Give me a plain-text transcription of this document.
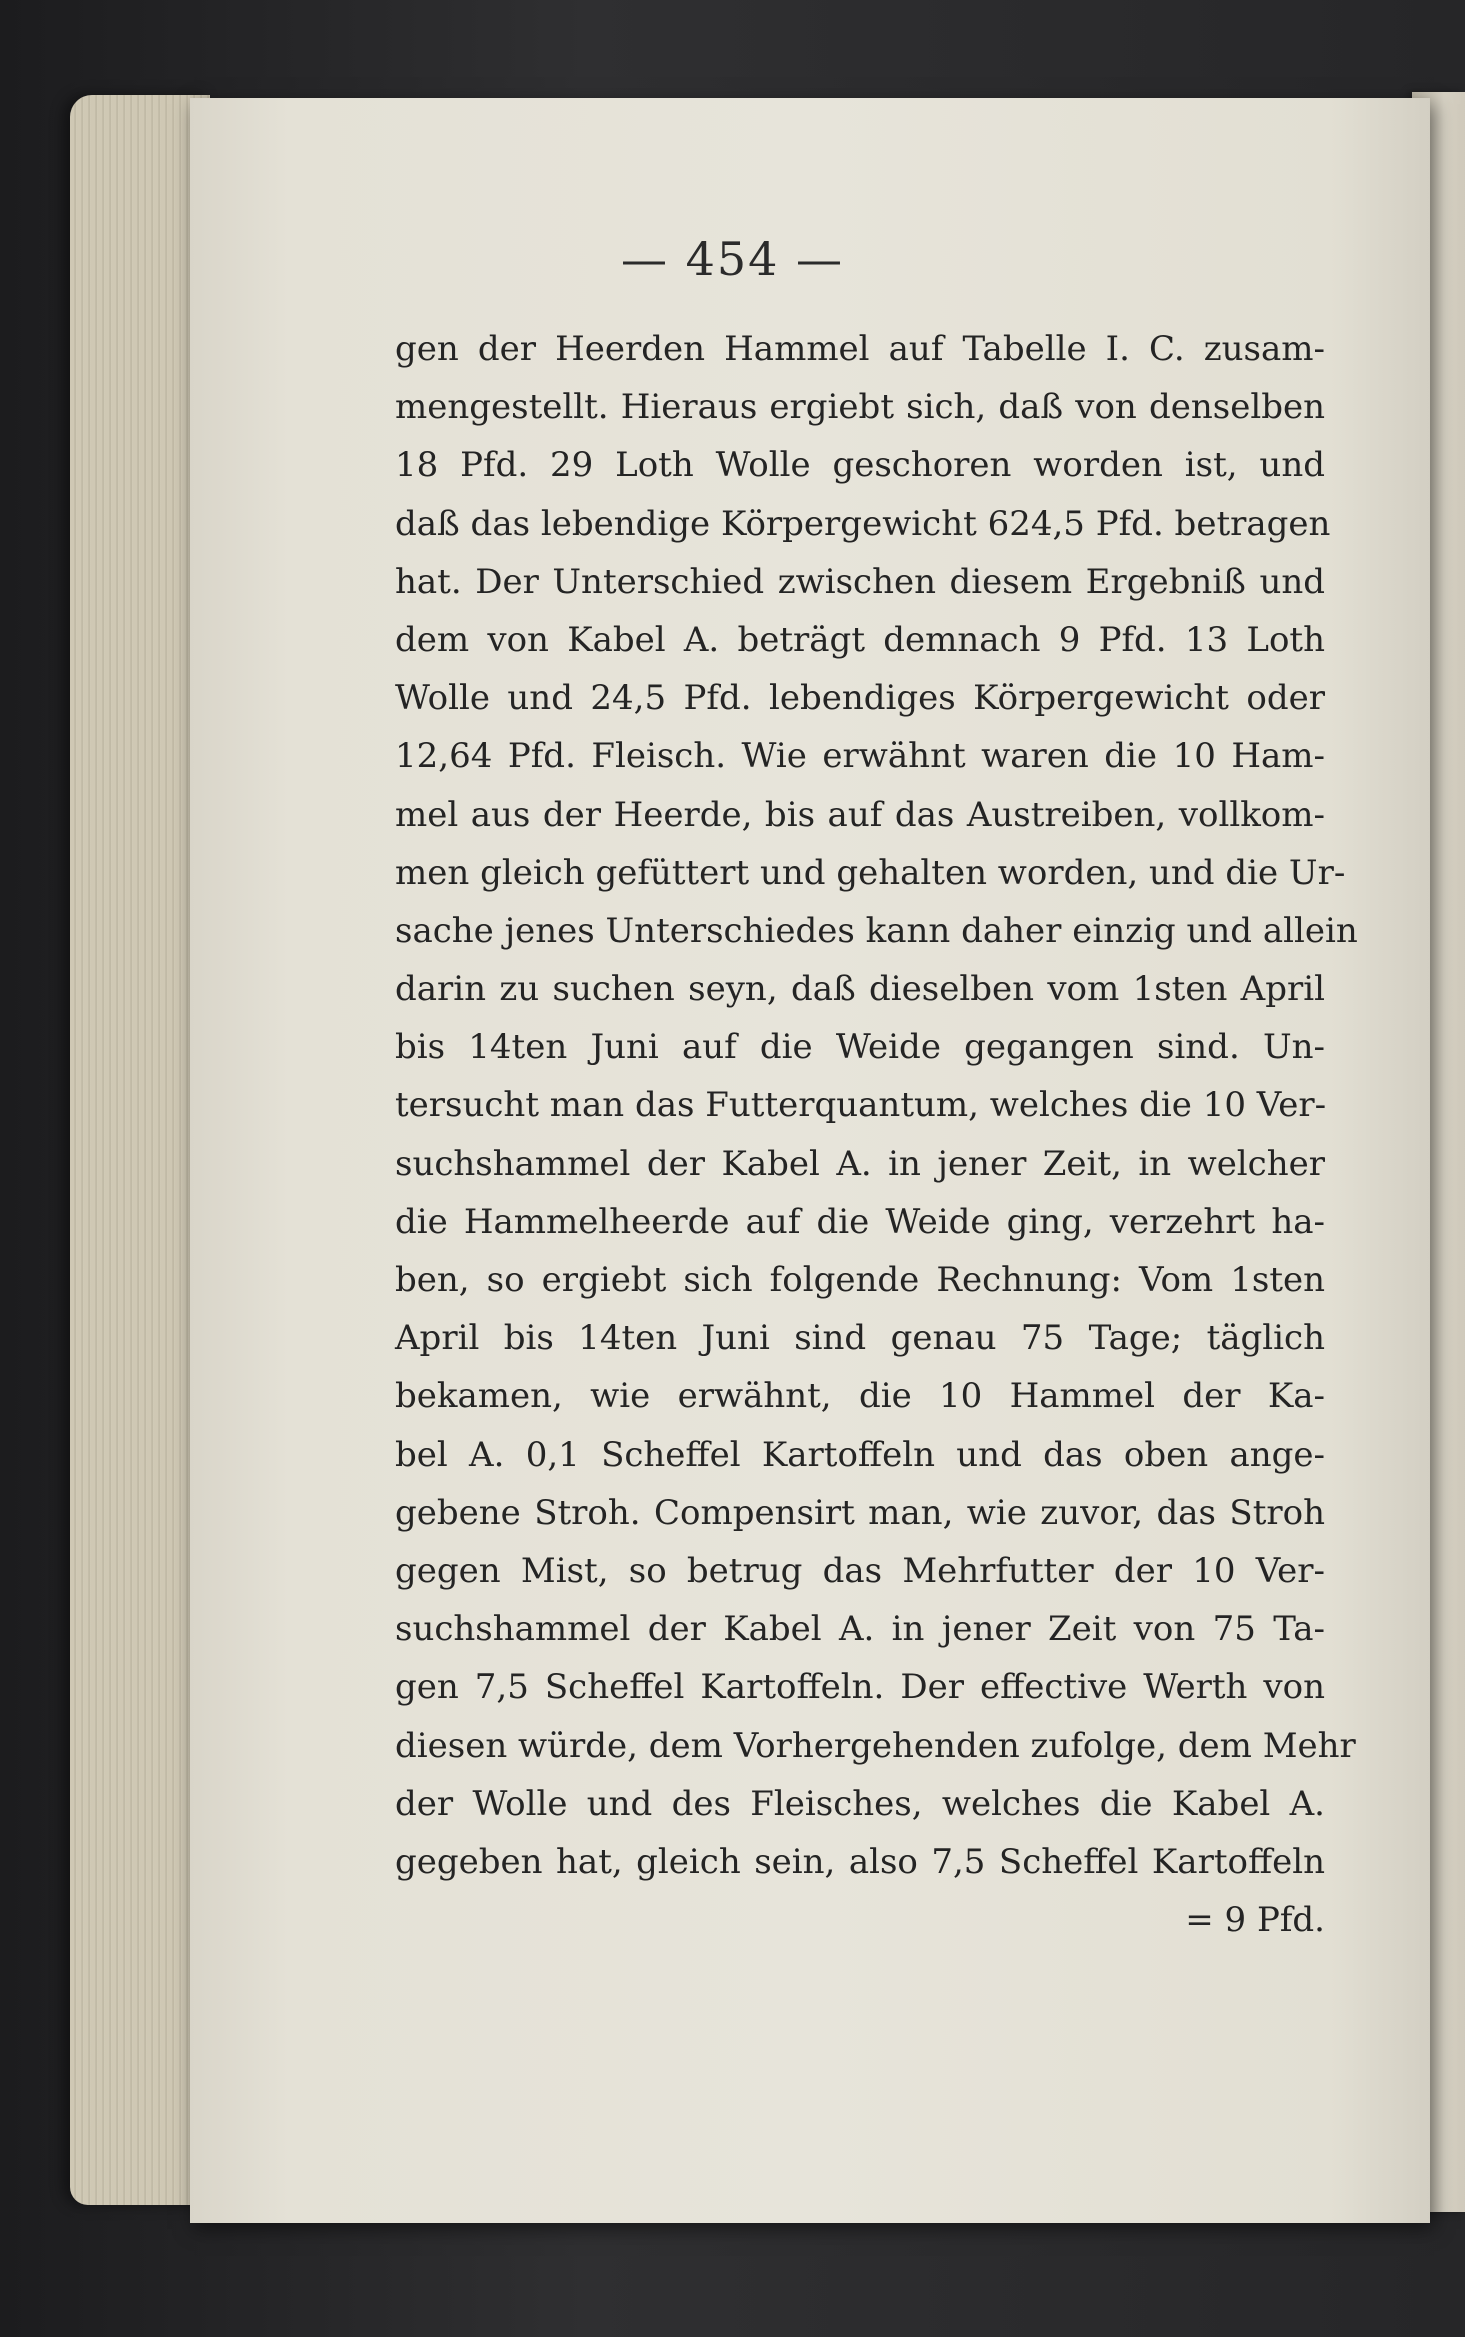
— 454 —
gen der Heerden Hammel auf Tabelle I. C. zusam-
mengestellt. Hieraus ergiebt sich, daß von denselben
18 Pfd. 29 Loth Wolle geschoren worden ist, und
daß das lebendige Körpergewicht 624,5 Pfd. betragen
hat. Der Unterschied zwischen diesem Ergebniß und
dem von Kabel A. beträgt demnach 9 Pfd. 13 Loth
Wolle und 24,5 Pfd. lebendiges Körpergewicht oder
12,64 Pfd. Fleisch. Wie erwähnt waren die 10 Ham-
mel aus der Heerde, bis auf das Austreiben, vollkom-
men gleich gefüttert und gehalten worden, und die Ur-
sache jenes Unterschiedes kann daher einzig und allein
darin zu suchen seyn, daß dieselben vom 1sten April
bis 14ten Juni auf die Weide gegangen sind. Un-
tersucht man das Futterquantum, welches die 10 Ver-
suchshammel der Kabel A. in jener Zeit, in welcher
die Hammelheerde auf die Weide ging, verzehrt ha-
ben, so ergiebt sich folgende Rechnung: Vom 1sten
April bis 14ten Juni sind genau 75 Tage; täglich
bekamen, wie erwähnt, die 10 Hammel der Ka-
bel A. 0,1 Scheffel Kartoffeln und das oben ange-
gebene Stroh. Compensirt man, wie zuvor, das Stroh
gegen Mist, so betrug das Mehrfutter der 10 Ver-
suchshammel der Kabel A. in jener Zeit von 75 Ta-
gen 7,5 Scheffel Kartoffeln. Der effective Werth von
diesen würde, dem Vorhergehenden zufolge, dem Mehr
der Wolle und des Fleisches, welches die Kabel A.
gegeben hat, gleich sein, also 7,5 Scheffel Kartoffeln
= 9 Pfd.
